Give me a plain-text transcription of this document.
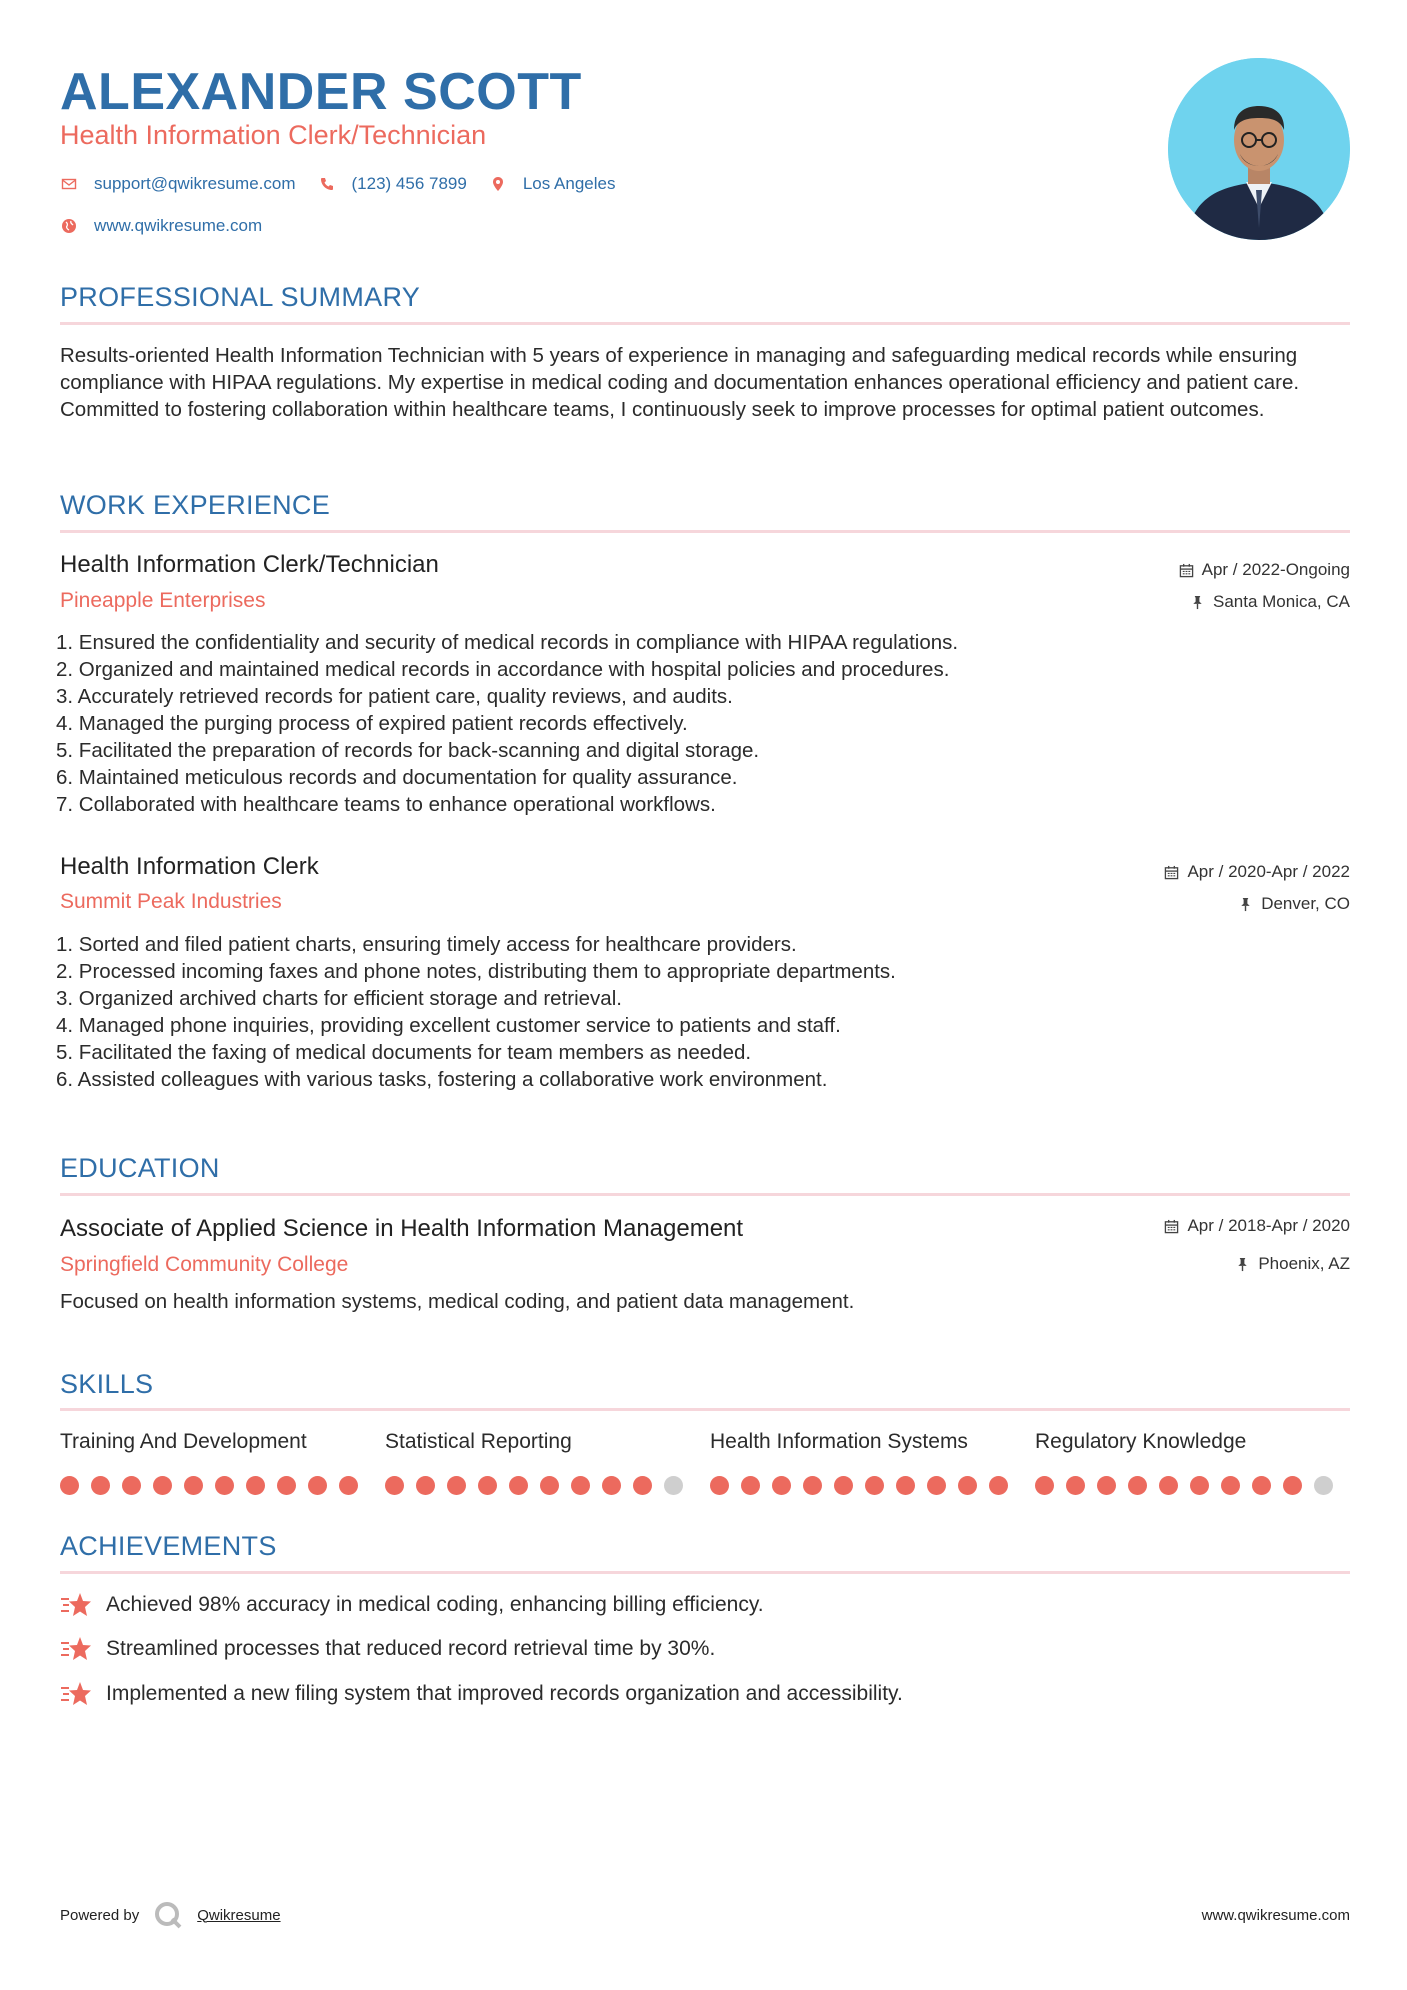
ALEXANDER SCOTT
Health Information Clerk/Technician
support@qwikresume.com	(123) 456 7899	Los Angeles
www.qwikresume.com
PROFESSIONAL SUMMARY

Results-oriented Health Information Technician with 5 years of experience in managing and safeguarding medical records while ensuring compliance with HIPAA regulations. My expertise in medical coding and documentation enhances operational efficiency and patient care. Committed to fostering collaboration within healthcare teams, I continuously seek to improve processes for optimal patient outcomes.

WORK EXPERIENCE
Health Information Clerk/Technician
Pineapple Enterprises
Apr / 2022-Ongoing
Santa Monica, CA
1. Ensured the confidentiality and security of medical records in compliance with HIPAA regulations.
2. Organized and maintained medical records in accordance with hospital policies and procedures.
3. Accurately retrieved records for patient care, quality reviews, and audits.
4. Managed the purging process of expired patient records effectively.
5. Facilitated the preparation of records for back-scanning and digital storage.
6. Maintained meticulous records and documentation for quality assurance.
7. Collaborated with healthcare teams to enhance operational workflows.
Health Information Clerk
Summit Peak Industries
Apr / 2020-Apr / 2022
Denver, CO
1. Sorted and filed patient charts, ensuring timely access for healthcare providers.
2. Processed incoming faxes and phone notes, distributing them to appropriate departments.
3. Organized archived charts for efficient storage and retrieval.
4. Managed phone inquiries, providing excellent customer service to patients and staff.
5. Facilitated the faxing of medical documents for team members as needed.
6. Assisted colleagues with various tasks, fostering a collaborative work environment.
EDUCATION
Associate of Applied Science in Health Information Management
Springfield Community College
Apr / 2018-Apr / 2020
Phoenix, AZ
Focused on health information systems, medical coding, and patient data management.
SKILLS
Training And Development	Statistical Reporting	Health Information Systems	Regulatory Knowledge
ACHIEVEMENTS
Achieved 98% accuracy in medical coding, enhancing billing efficiency.
Streamlined processes that reduced record retrieval time by 30%.
Implemented a new filing system that improved records organization and accessibility.
Powered by	Qwikresume	www.qwikresume.com
